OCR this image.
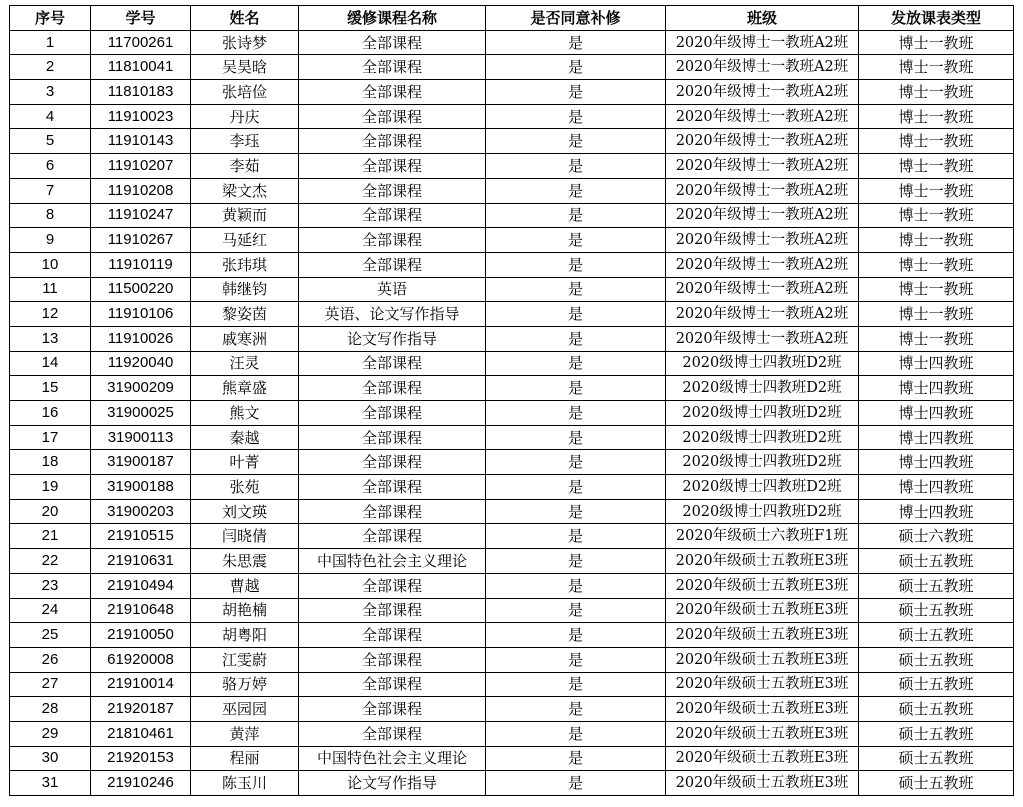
序号	学号	姓名	缓修课程名称	是否同意补修	班级	发放课表类型
1	11700261	张诗梦	全部课程	是	2020年级博士一教班A2班	博士一教班
2	11810041	吴昊晗	全部课程	是	2020年级博士一教班A2班	博士一教班
3	11810183	张培俭	全部课程	是	2020年级博士一教班A2班	博士一教班
4	11910023	丹庆	全部课程	是	2020年级博士一教班A2班	博士一教班
5	11910143	李珏	全部课程	是	2020年级博士一教班A2班	博士一教班
6	11910207	李茹	全部课程	是	2020年级博士一教班A2班	博士一教班
7	11910208	梁文杰	全部课程	是	2020年级博士一教班A2班	博士一教班
8	11910247	黄颖而	全部课程	是	2020年级博士一教班A2班	博士一教班
9	11910267	马延红	全部课程	是	2020年级博士一教班A2班	博士一教班
10	11910119	张玮琪	全部课程	是	2020年级博士一教班A2班	博士一教班
11	11500220	韩继钧	英语	是	2020年级博士一教班A2班	博士一教班
12	11910106	黎姿茵	英语、论文写作指导	是	2020年级博士一教班A2班	博士一教班
13	11910026	戚寒洲	论文写作指导	是	2020年级博士一教班A2班	博士一教班
14	11920040	汪灵	全部课程	是	2020级博士四教班D2班	博士四教班
15	31900209	熊章盛	全部课程	是	2020级博士四教班D2班	博士四教班
16	31900025	熊文	全部课程	是	2020级博士四教班D2班	博士四教班
17	31900113	秦越	全部课程	是	2020级博士四教班D2班	博士四教班
18	31900187	叶菁	全部课程	是	2020级博士四教班D2班	博士四教班
19	31900188	张苑	全部课程	是	2020级博士四教班D2班	博士四教班
20	31900203	刘文瑛	全部课程	是	2020级博士四教班D2班	博士四教班
21	21910515	闫晓倩	全部课程	是	2020年级硕士六教班F1班	硕士六教班
22	21910631	朱思震	中国特色社会主义理论	是	2020年级硕士五教班E3班	硕士五教班
23	21910494	曹越	全部课程	是	2020年级硕士五教班E3班	硕士五教班
24	21910648	胡艳楠	全部课程	是	2020年级硕士五教班E3班	硕士五教班
25	21910050	胡粤阳	全部课程	是	2020年级硕士五教班E3班	硕士五教班
26	61920008	江雯蔚	全部课程	是	2020年级硕士五教班E3班	硕士五教班
27	21910014	骆万婷	全部课程	是	2020年级硕士五教班E3班	硕士五教班
28	21920187	巫园园	全部课程	是	2020年级硕士五教班E3班	硕士五教班
29	21810461	黄萍	全部课程	是	2020年级硕士五教班E3班	硕士五教班
30	21920153	程丽	中国特色社会主义理论	是	2020年级硕士五教班E3班	硕士五教班
31	21910246	陈玉川	论文写作指导	是	2020年级硕士五教班E3班	硕士五教班
